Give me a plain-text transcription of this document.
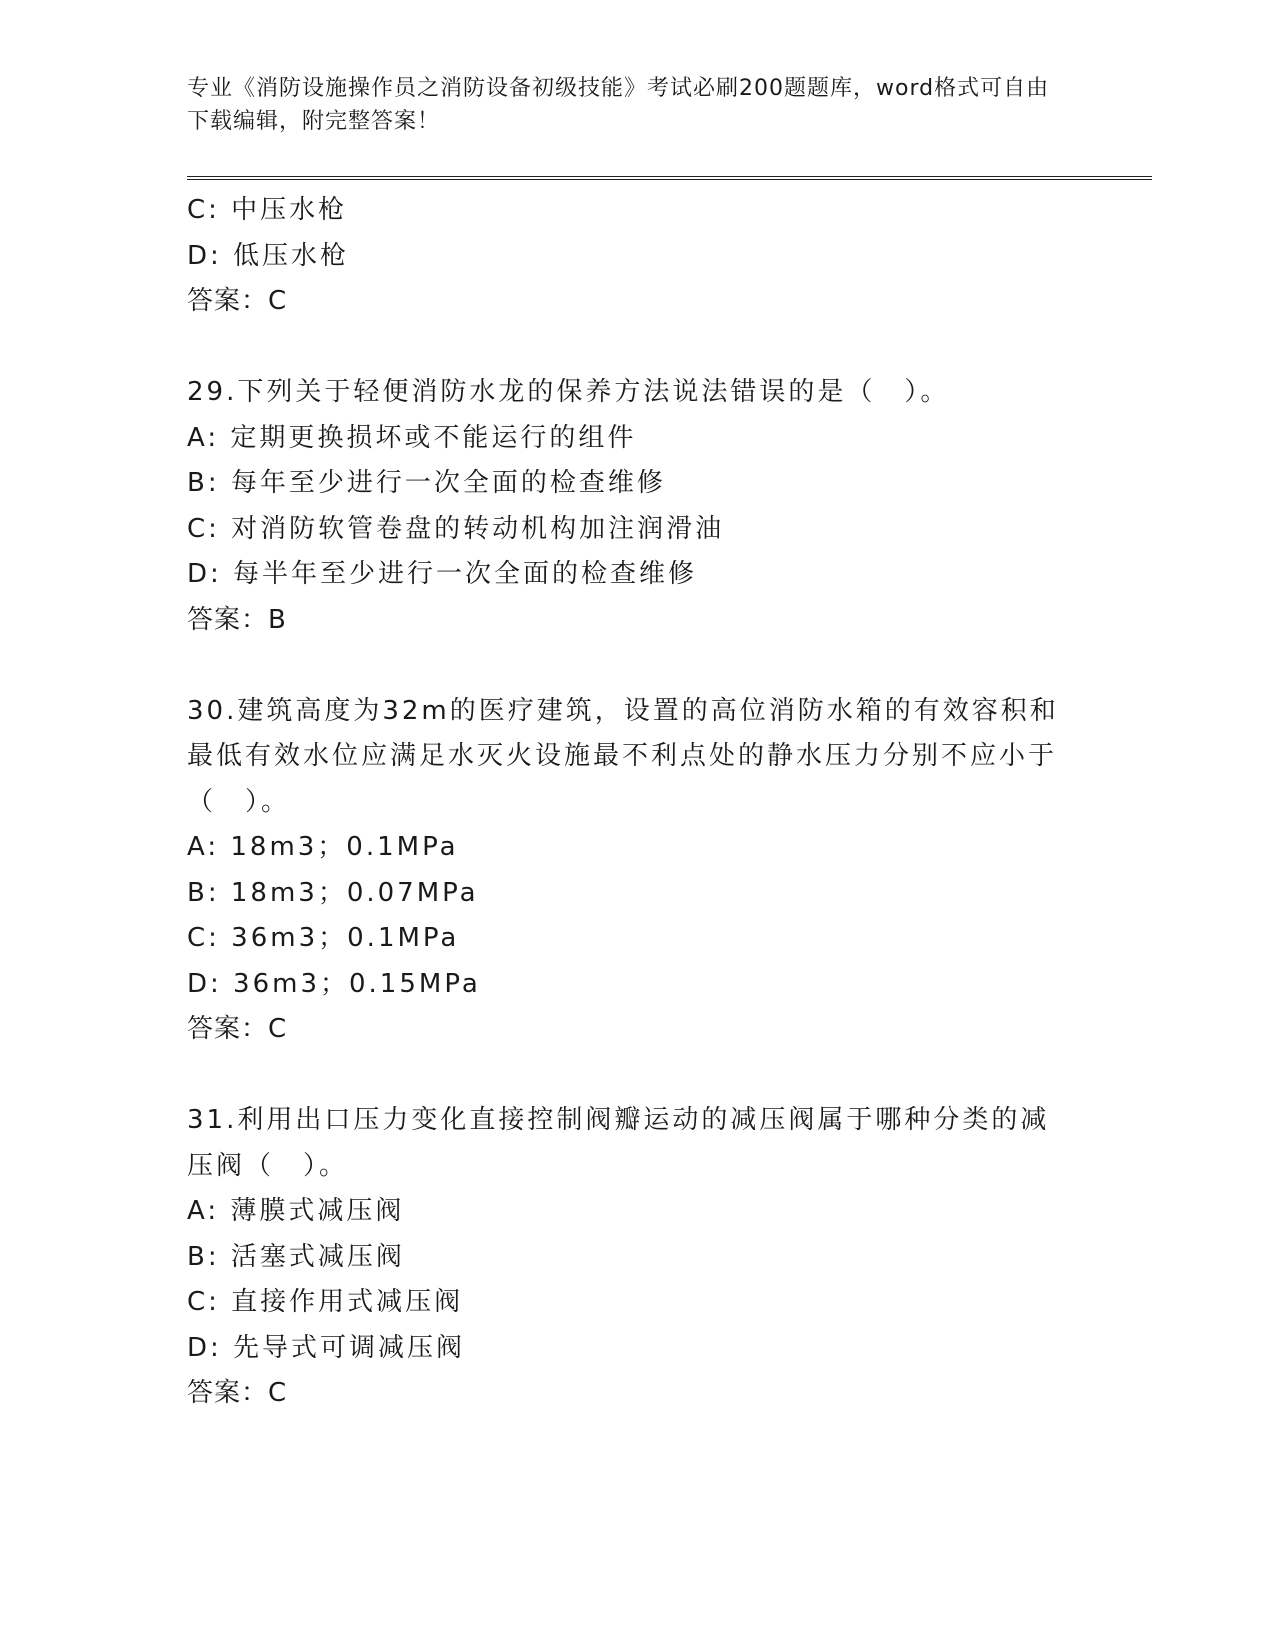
专业《消防设施操作员之消防设备初级技能》考试必刷200题题库，word格式可自由下载编辑，附完整答案！
C: 中压水枪
D: 低压水枪
答案：C
29.下列关于轻便消防水龙的保养方法说法错误的是（　）。
A: 定期更换损坏或不能运行的组件
B: 每年至少进行一次全面的检查维修
C: 对消防软管卷盘的转动机构加注润滑油
D: 每半年至少进行一次全面的检查维修
答案：B
30.建筑高度为32m的医疗建筑，设置的高位消防水箱的有效容积和最低有效水位应满足水灭火设施最不利点处的静水压力分别不应小于（　）。
A: 18m3；0.1MPa
B: 18m3；0.07MPa
C: 36m3；0.1MPa
D: 36m3；0.15MPa
答案：C
31.利用出口压力变化直接控制阀瓣运动的减压阀属于哪种分类的减压阀（　）。
A: 薄膜式减压阀
B: 活塞式减压阀
C: 直接作用式减压阀
D: 先导式可调减压阀
答案：C
